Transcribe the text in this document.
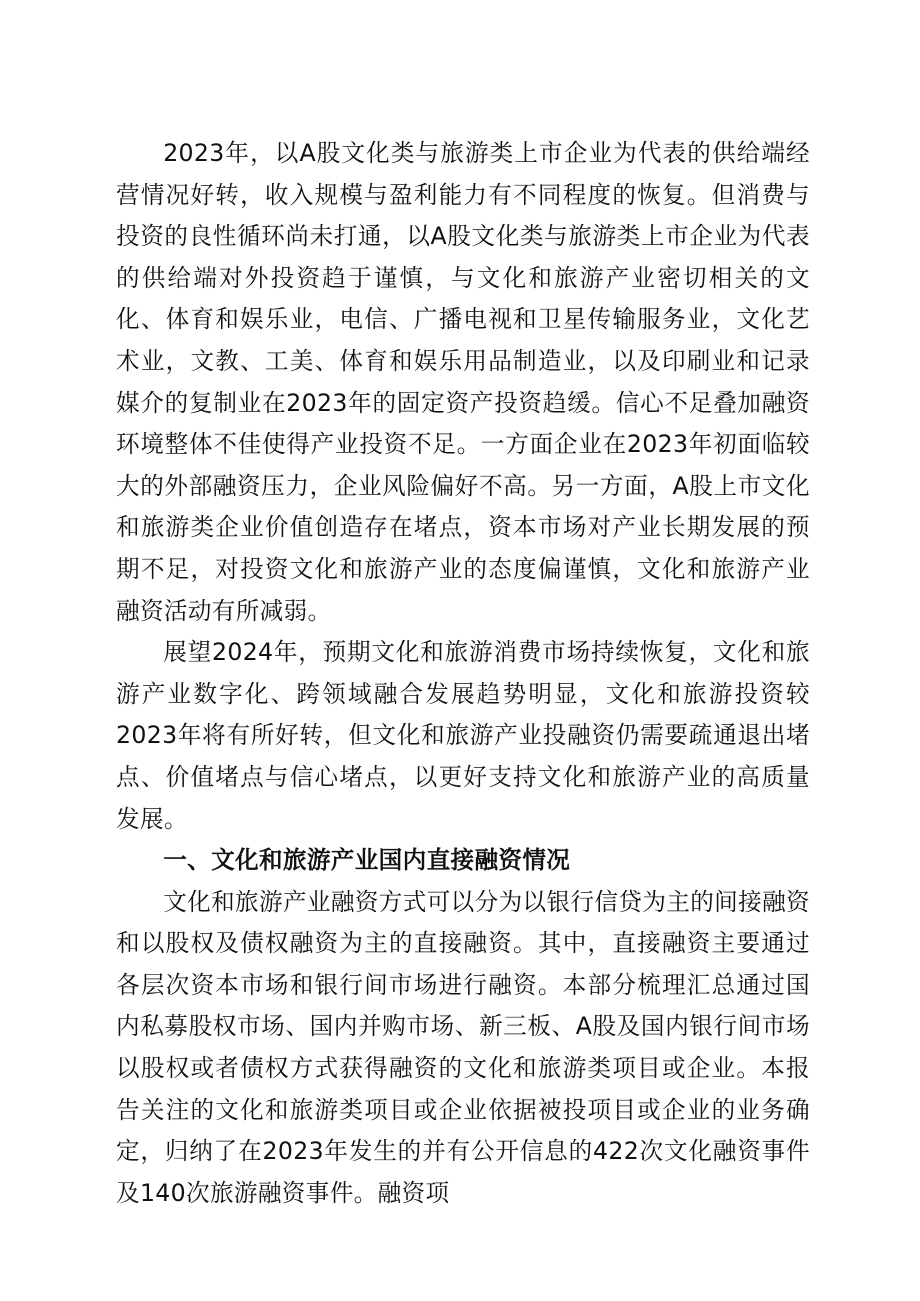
2023年，以A股文化类与旅游类上市企业为代表的供给端经营情况好转，收入规模与盈利能力有不同程度的恢复。但消费与投资的良性循环尚未打通，以A股文化类与旅游类上市企业为代表的供给端对外投资趋于谨慎，与文化和旅游产业密切相关的文化、体育和娱乐业，电信、广播电视和卫星传输服务业，文化艺术业，文教、工美、体育和娱乐用品制造业，以及印刷业和记录媒介的复制业在2023年的固定资产投资趋缓。信心不足叠加融资环境整体不佳使得产业投资不足。一方面企业在2023年初面临较大的外部融资压力，企业风险偏好不高。另一方面，A股上市文化和旅游类企业价值创造存在堵点，资本市场对产业长期发展的预期不足，对投资文化和旅游产业的态度偏谨慎，文化和旅游产业融资活动有所减弱。

展望2024年，预期文化和旅游消费市场持续恢复，文化和旅游产业数字化、跨领域融合发展趋势明显，文化和旅游投资较2023年将有所好转，但文化和旅游产业投融资仍需要疏通退出堵点、价值堵点与信心堵点，以更好支持文化和旅游产业的高质量发展。

一、文化和旅游产业国内直接融资情况

文化和旅游产业融资方式可以分为以银行信贷为主的间接融资和以股权及债权融资为主的直接融资。其中，直接融资主要通过各层次资本市场和银行间市场进行融资。本部分梳理汇总通过国内私募股权市场、国内并购市场、新三板、A股及国内银行间市场以股权或者债权方式获得融资的文化和旅游类项目或企业。本报告关注的文化和旅游类项目或企业依据被投项目或企业的业务确定，归纳了在2023年发生的并有公开信息的422次文化融资事件及140次旅游融资事件。融资项
